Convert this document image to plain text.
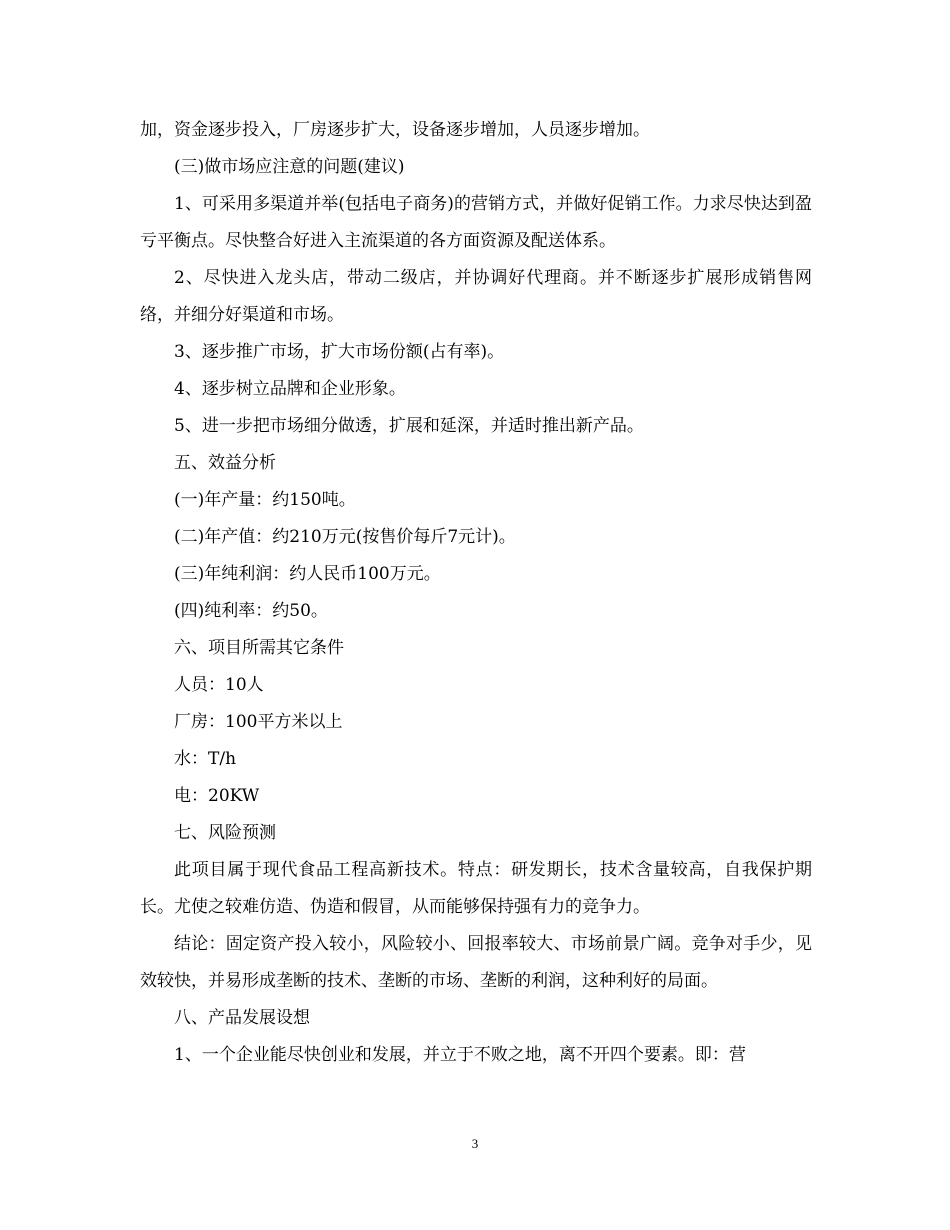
加，资金逐步投入，厂房逐步扩大，设备逐步增加，人员逐步增加。

(三)做市场应注意的问题(建议)

1、可采用多渠道并举(包括电子商务)的营销方式，并做好促销工作。力求尽快达到盈亏平衡点。尽快整合好进入主流渠道的各方面资源及配送体系。

2、尽快进入龙头店，带动二级店，并协调好代理商。并不断逐步扩展形成销售网络，并细分好渠道和市场。

3、逐步推广市场，扩大市场份额(占有率)。

4、逐步树立品牌和企业形象。

5、进一步把市场细分做透，扩展和延深，并适时推出新产品。

五、效益分析

(一)年产量：约150吨。

(二)年产值：约210万元(按售价每斤7元计)。

(三)年纯利润：约人民币100万元。

(四)纯利率：约50。

六、项目所需其它条件

人员：10人

厂房：100平方米以上

水：T/h

电：20KW

七、风险预测

此项目属于现代食品工程高新技术。特点：研发期长，技术含量较高，自我保护期长。尤使之较难仿造、伪造和假冒，从而能够保持强有力的竞争力。

结论：固定资产投入较小，风险较小、回报率较大、市场前景广阔。竞争对手少，见效较快，并易形成垄断的技术、垄断的市场、垄断的利润，这种利好的局面。

八、产品发展设想

1、一个企业能尽快创业和发展，并立于不败之地，离不开四个要素。即：营

3
